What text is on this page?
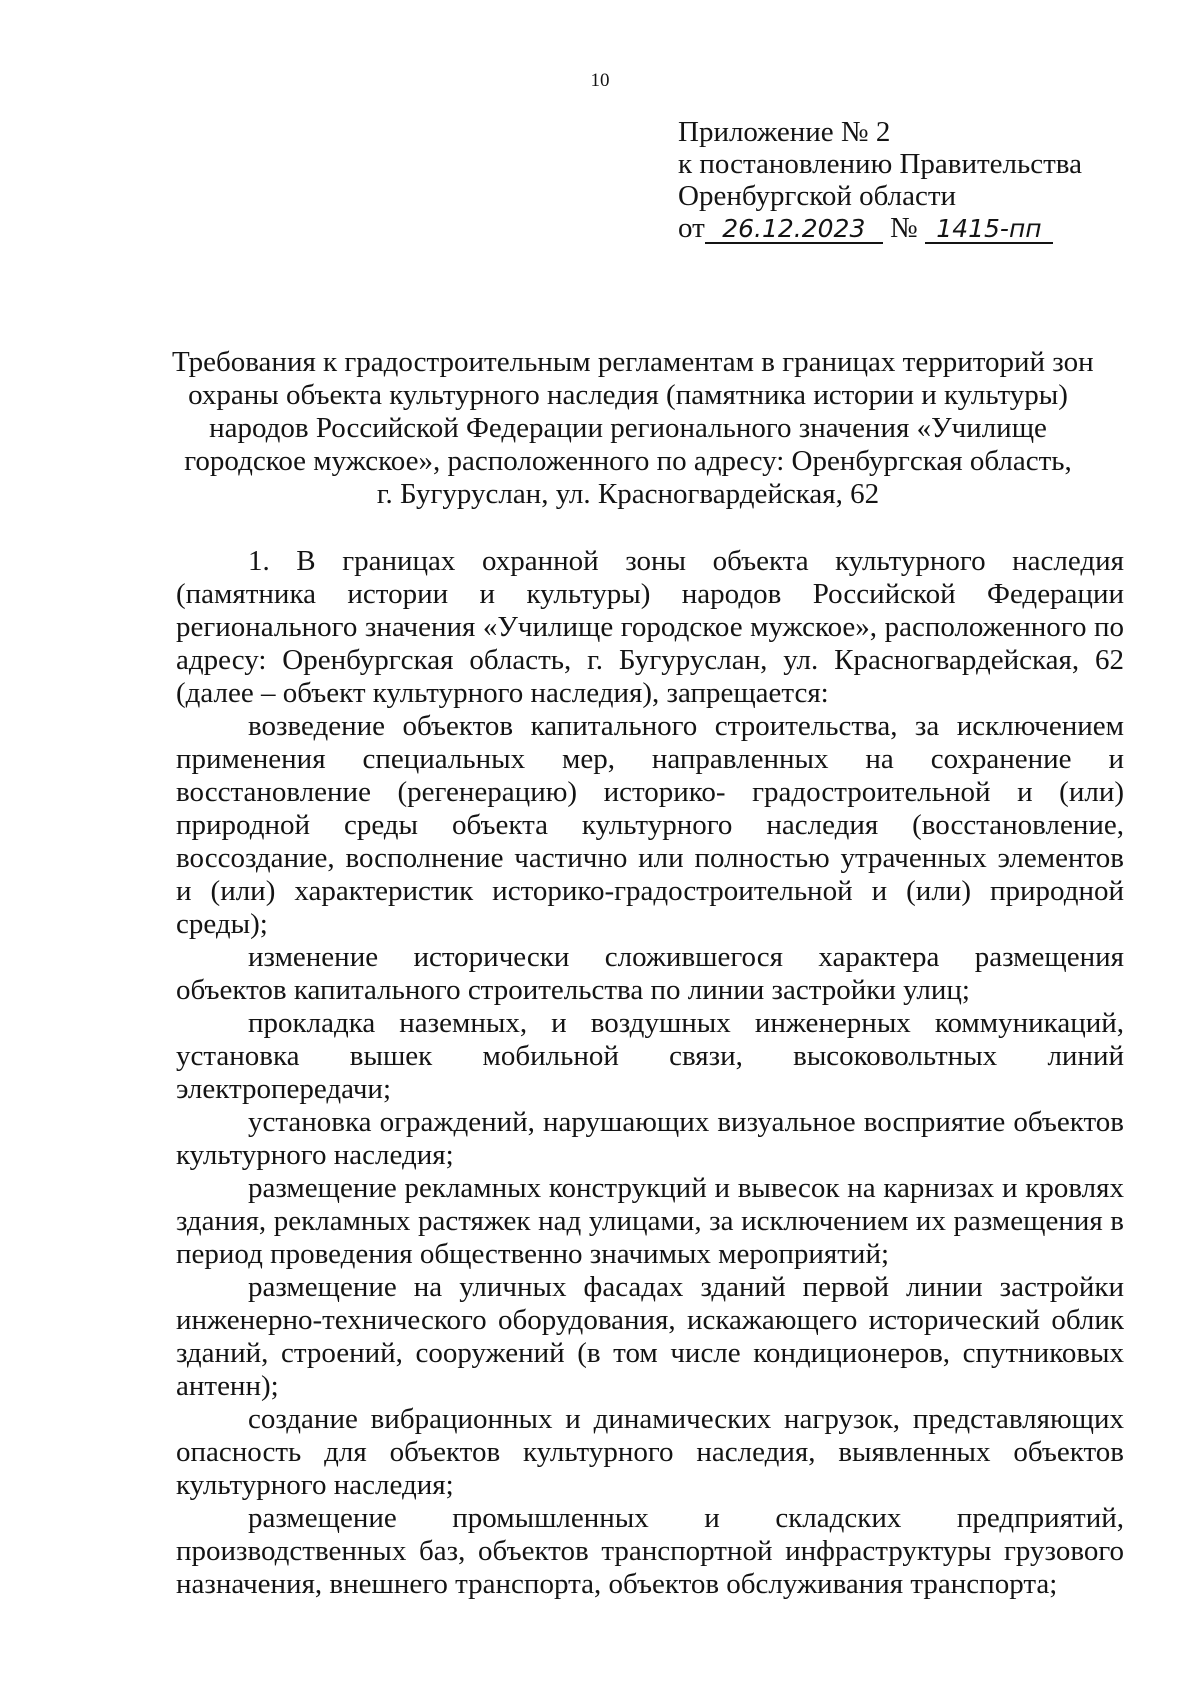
10
Приложение № 2
к постановлению Правительства
Оренбургской области
от 26.12.2023 № 1415-пп
Требования к градостроительным регламентам в границах территорий зон
охраны объекта культурного наследия (памятника истории и культуры)
народов Российской Федерации регионального значения «Училище
городское мужское», расположенного по адресу: Оренбургская область,
г. Бугуруслан, ул. Красногвардейская, 62

1. В границах охранной зоны объекта культурного наследия (памятника истории и культуры) народов Российской Федерации регионального значения «Училище городское мужское», расположенного по адресу: Оренбургская область, г. Бугуруслан, ул. Красногвардейская, 62 (далее – объект культурного наследия), запрещается:

возведение объектов капитального строительства, за исключением применения специальных мер, направленных на сохранение и восстановление (регенерацию) историко- градостроительной и (или) природной среды объекта культурного наследия (восстановление, воссоздание, восполнение частично или полностью утраченных элементов и (или) характеристик историко-градостроительной и (или) природной среды);

изменение исторически сложившегося характера размещения объектов капитального строительства по линии застройки улиц;

прокладка наземных, и воздушных инженерных коммуникаций, установка вышек мобильной связи, высоковольтных линий электропередачи;

установка ограждений, нарушающих визуальное восприятие объектов культурного наследия;

размещение рекламных конструкций и вывесок на карнизах и кровлях здания, рекламных растяжек над улицами, за исключением их размещения в период проведения общественно значимых мероприятий;

размещение на уличных фасадах зданий первой линии застройки инженерно-технического оборудования, искажающего исторический облик зданий, строений, сооружений (в том числе кондиционеров, спутниковых антенн);

создание вибрационных и динамических нагрузок, представляющих опасность для объектов культурного наследия, выявленных объектов культурного наследия;

размещение промышленных и складских предприятий, производственных баз, объектов транспортной инфраструктуры грузового назначения, внешнего транспорта, объектов обслуживания транспорта;
